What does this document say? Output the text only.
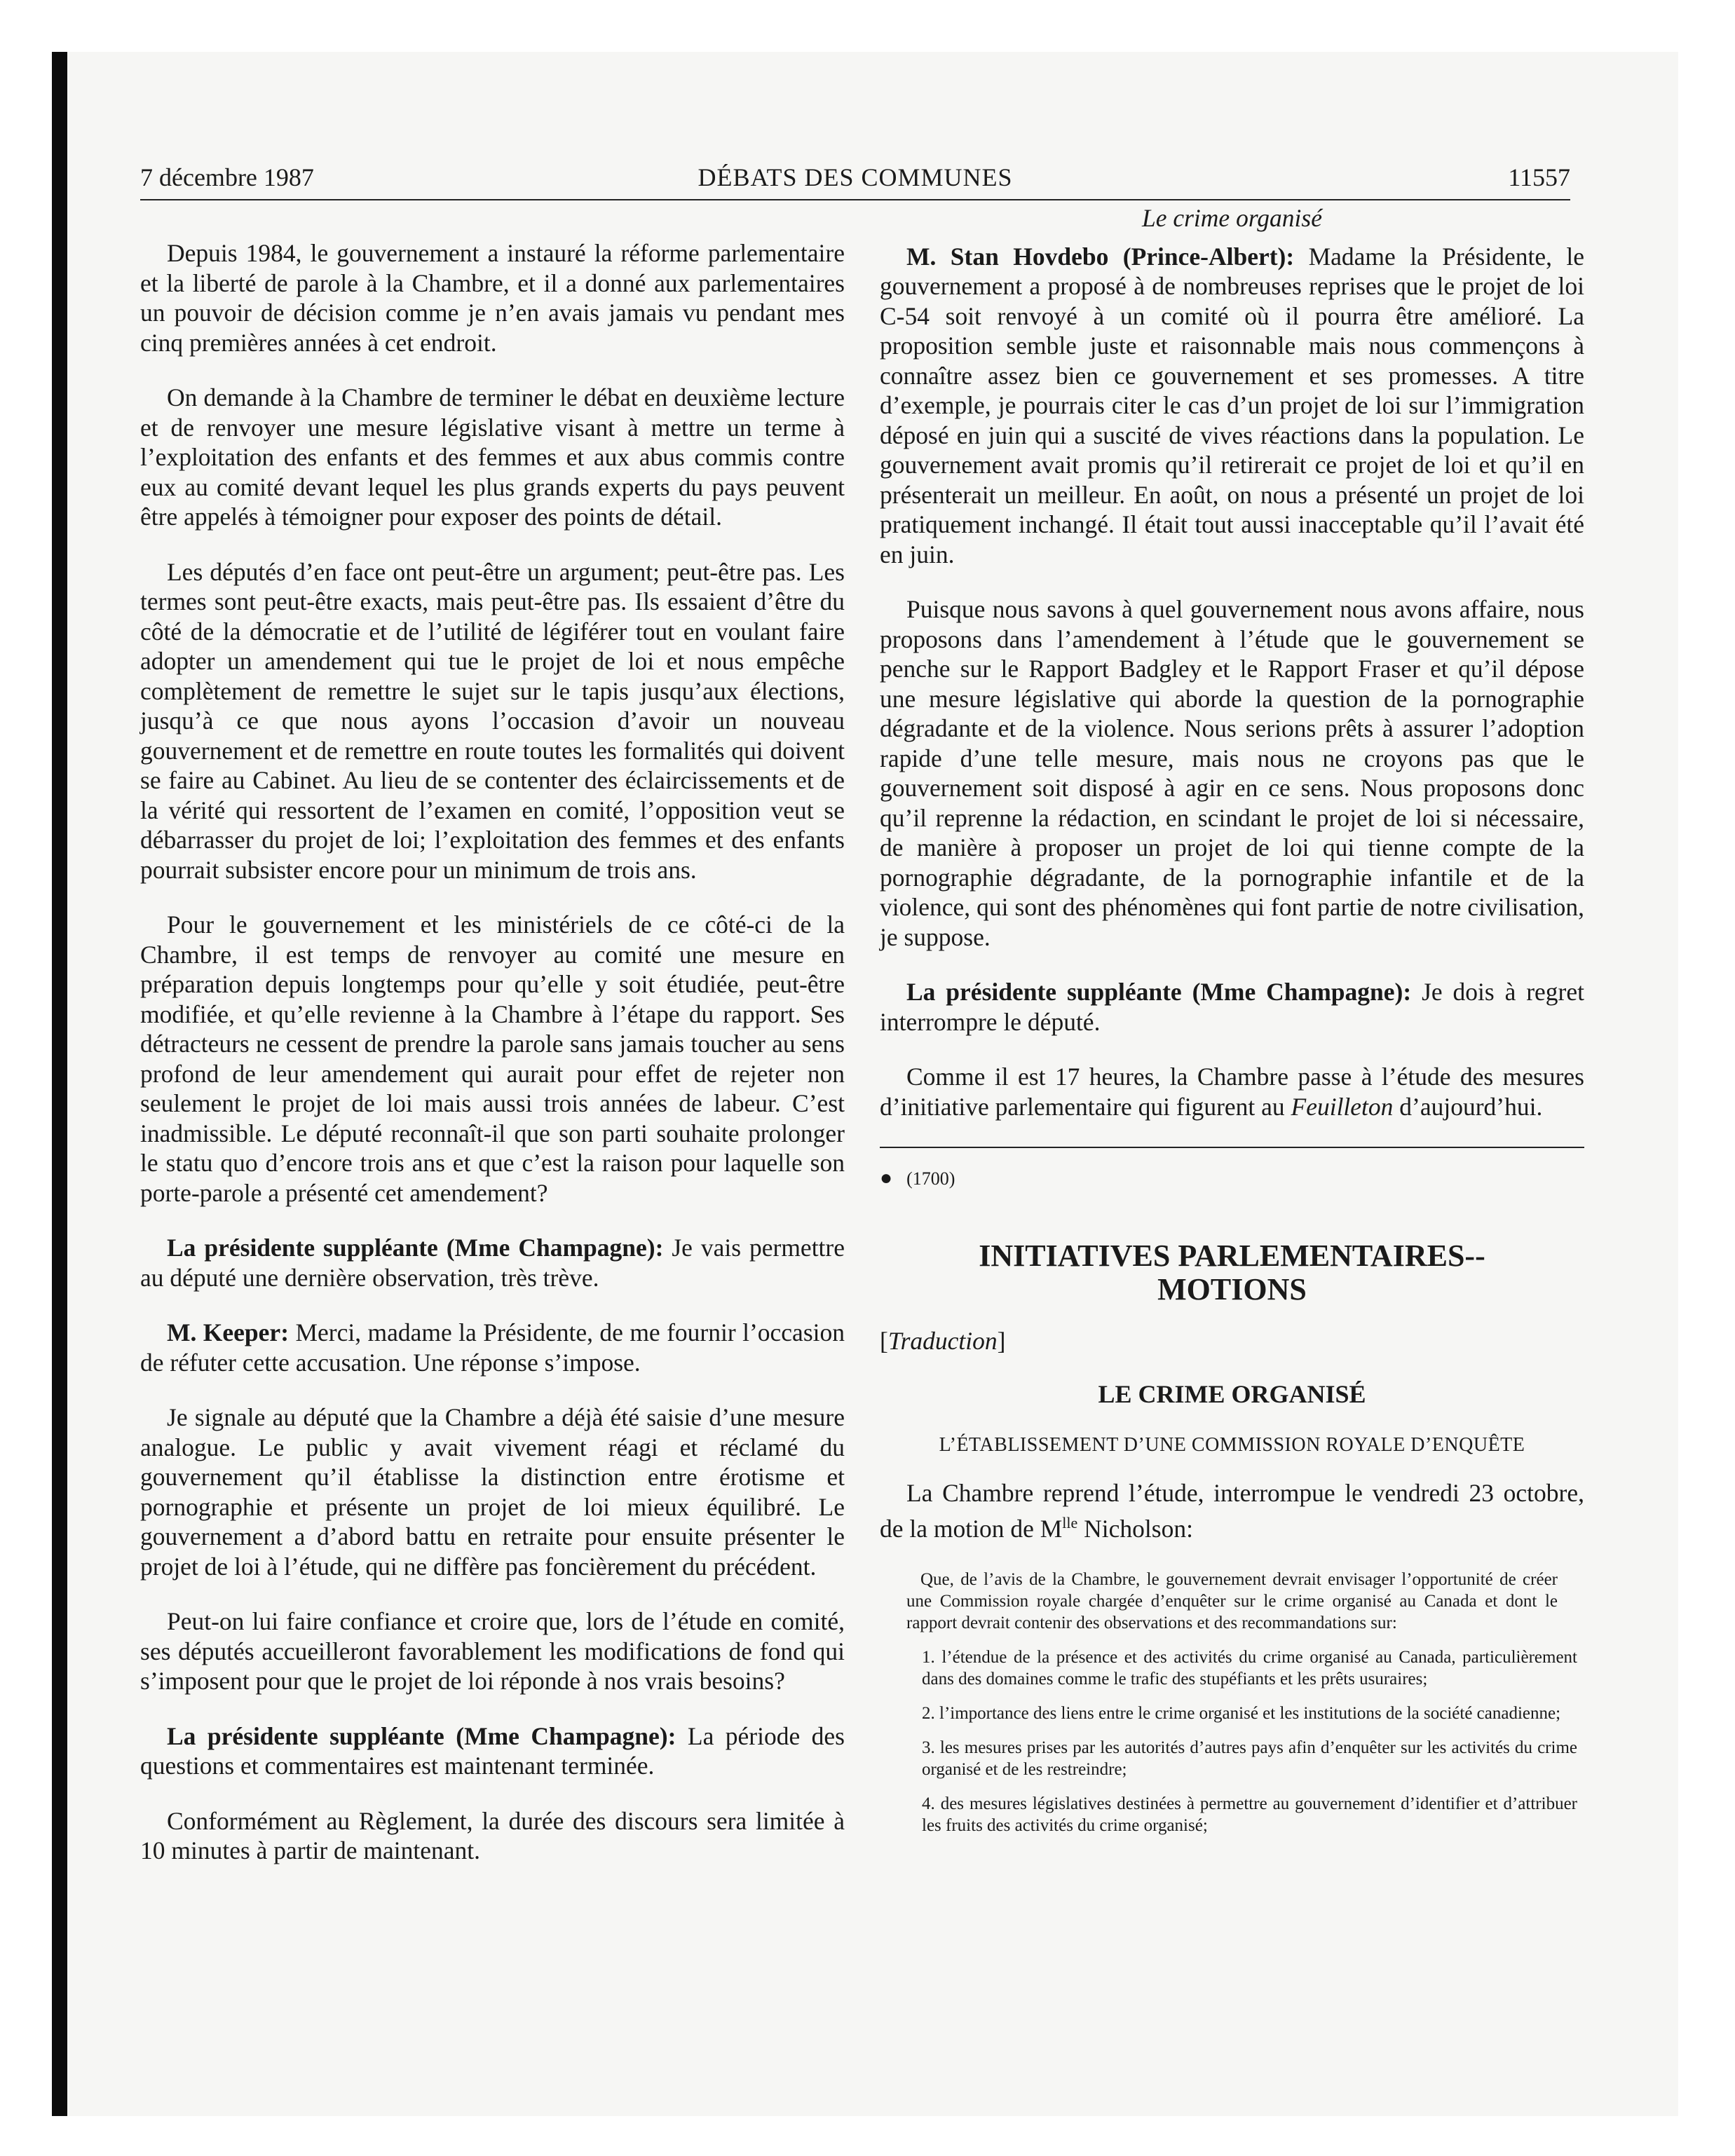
7 décembre 1987	DÉBATS DES COMMUNES	11557

Depuis 1984, le gouvernement a instauré la réforme parlementaire et la liberté de parole à la Chambre, et il a donné aux parlementaires un pouvoir de décision comme je n’en avais jamais vu pendant mes cinq premières années à cet endroit.

On demande à la Chambre de terminer le débat en deuxième lecture et de renvoyer une mesure législative visant à mettre un terme à l’exploitation des enfants et des femmes et aux abus commis contre eux au comité devant lequel les plus grands experts du pays peuvent être appelés à témoigner pour exposer des points de détail.

Les députés d’en face ont peut-être un argument; peut-être pas. Les termes sont peut-être exacts, mais peut-être pas. Ils essaient d’être du côté de la démocratie et de l’utilité de légiférer tout en voulant faire adopter un amendement qui tue le projet de loi et nous empêche complètement de remettre le sujet sur le tapis jusqu’aux élections, jusqu’à ce que nous ayons l’occasion d’avoir un nouveau gouvernement et de remettre en route toutes les formalités qui doivent se faire au Cabinet. Au lieu de se contenter des éclaircissements et de la vérité qui ressortent de l’examen en comité, l’opposition veut se débarrasser du projet de loi; l’exploitation des femmes et des enfants pourrait subsister encore pour un minimum de trois ans.

Pour le gouvernement et les ministériels de ce côté-ci de la Chambre, il est temps de renvoyer au comité une mesure en préparation depuis longtemps pour qu’elle y soit étudiée, peut-être modifiée, et qu’elle revienne à la Chambre à l’étape du rapport. Ses détracteurs ne cessent de prendre la parole sans jamais toucher au sens profond de leur amendement qui aurait pour effet de rejeter non seulement le projet de loi mais aussi trois années de labeur. C’est inadmissible. Le député reconnaît-il que son parti souhaite prolonger le statu quo d’encore trois ans et que c’est la raison pour laquelle son porte-parole a présenté cet amendement?

La présidente suppléante (Mme Champagne): Je vais permettre au député une dernière observation, très trève.

M. Keeper: Merci, madame la Présidente, de me fournir l’occasion de réfuter cette accusation. Une réponse s’impose.

Je signale au député que la Chambre a déjà été saisie d’une mesure analogue. Le public y avait vivement réagi et réclamé du gouvernement qu’il établisse la distinction entre érotisme et pornographie et présente un projet de loi mieux équilibré. Le gouvernement a d’abord battu en retraite pour ensuite présenter le projet de loi à l’étude, qui ne diffère pas foncièrement du précédent.

Peut-on lui faire confiance et croire que, lors de l’étude en comité, ses députés accueilleront favorablement les modifications de fond qui s’imposent pour que le projet de loi réponde à nos vrais besoins?

La présidente suppléante (Mme Champagne): La période des questions et commentaires est maintenant terminée.

Conformément au Règlement, la durée des discours sera limitée à 10 minutes à partir de maintenant.

Le crime organisé

M. Stan Hovdebo (Prince-Albert): Madame la Présidente, le gouvernement a proposé à de nombreuses reprises que le projet de loi C-54 soit renvoyé à un comité où il pourra être amélioré. La proposition semble juste et raisonnable mais nous commençons à connaître assez bien ce gouvernement et ses promesses. A titre d’exemple, je pourrais citer le cas d’un projet de loi sur l’immigration déposé en juin qui a suscité de vives réactions dans la population. Le gouvernement avait promis qu’il retirerait ce projet de loi et qu’il en présenterait un meilleur. En août, on nous a présenté un projet de loi pratiquement inchangé. Il était tout aussi inacceptable qu’il l’avait été en juin.

Puisque nous savons à quel gouvernement nous avons affaire, nous proposons dans l’amendement à l’étude que le gouvernement se penche sur le Rapport Badgley et le Rapport Fraser et qu’il dépose une mesure législative qui aborde la question de la pornographie dégradante et de la violence. Nous serions prêts à assurer l’adoption rapide d’une telle mesure, mais nous ne croyons pas que le gouvernement soit disposé à agir en ce sens. Nous proposons donc qu’il reprenne la rédaction, en scindant le projet de loi si nécessaire, de manière à proposer un projet de loi qui tienne compte de la pornographie dégradante, de la pornographie infantile et de la violence, qui sont des phénomènes qui font partie de notre civilisation, je suppose.

La présidente suppléante (Mme Champagne): Je dois à regret interrompre le député.

Comme il est 17 heures, la Chambre passe à l’étude des mesures d’initiative parlementaire qui figurent au Feuilleton d’aujourd’hui.

● (1700)
INITIATIVES PARLEMENTAIRES--
MOTIONS
[Traduction]
LE CRIME ORGANISÉ
L’ÉTABLISSEMENT D’UNE COMMISSION ROYALE D’ENQUÊTE

La Chambre reprend l’étude, interrompue le vendredi 23 octobre, de la motion de $M^{lle}$ Nicholson:

Que, de l’avis de la Chambre, le gouvernement devrait envisager l’opportunité de créer une Commission royale chargée d’enquêter sur le crime organisé au Canada et dont le rapport devrait contenir des observations et des recommandations sur:

1. l’étendue de la présence et des activités du crime organisé au Canada, particulièrement dans des domaines comme le trafic des stupéfiants et les prêts usuraires;

2. l’importance des liens entre le crime organisé et les institutions de la société canadienne;

3. les mesures prises par les autorités d’autres pays afin d’enquêter sur les activités du crime organisé et de les restreindre;

4. des mesures législatives destinées à permettre au gouvernement d’identifier et d’attribuer les fruits des activités du crime organisé;
